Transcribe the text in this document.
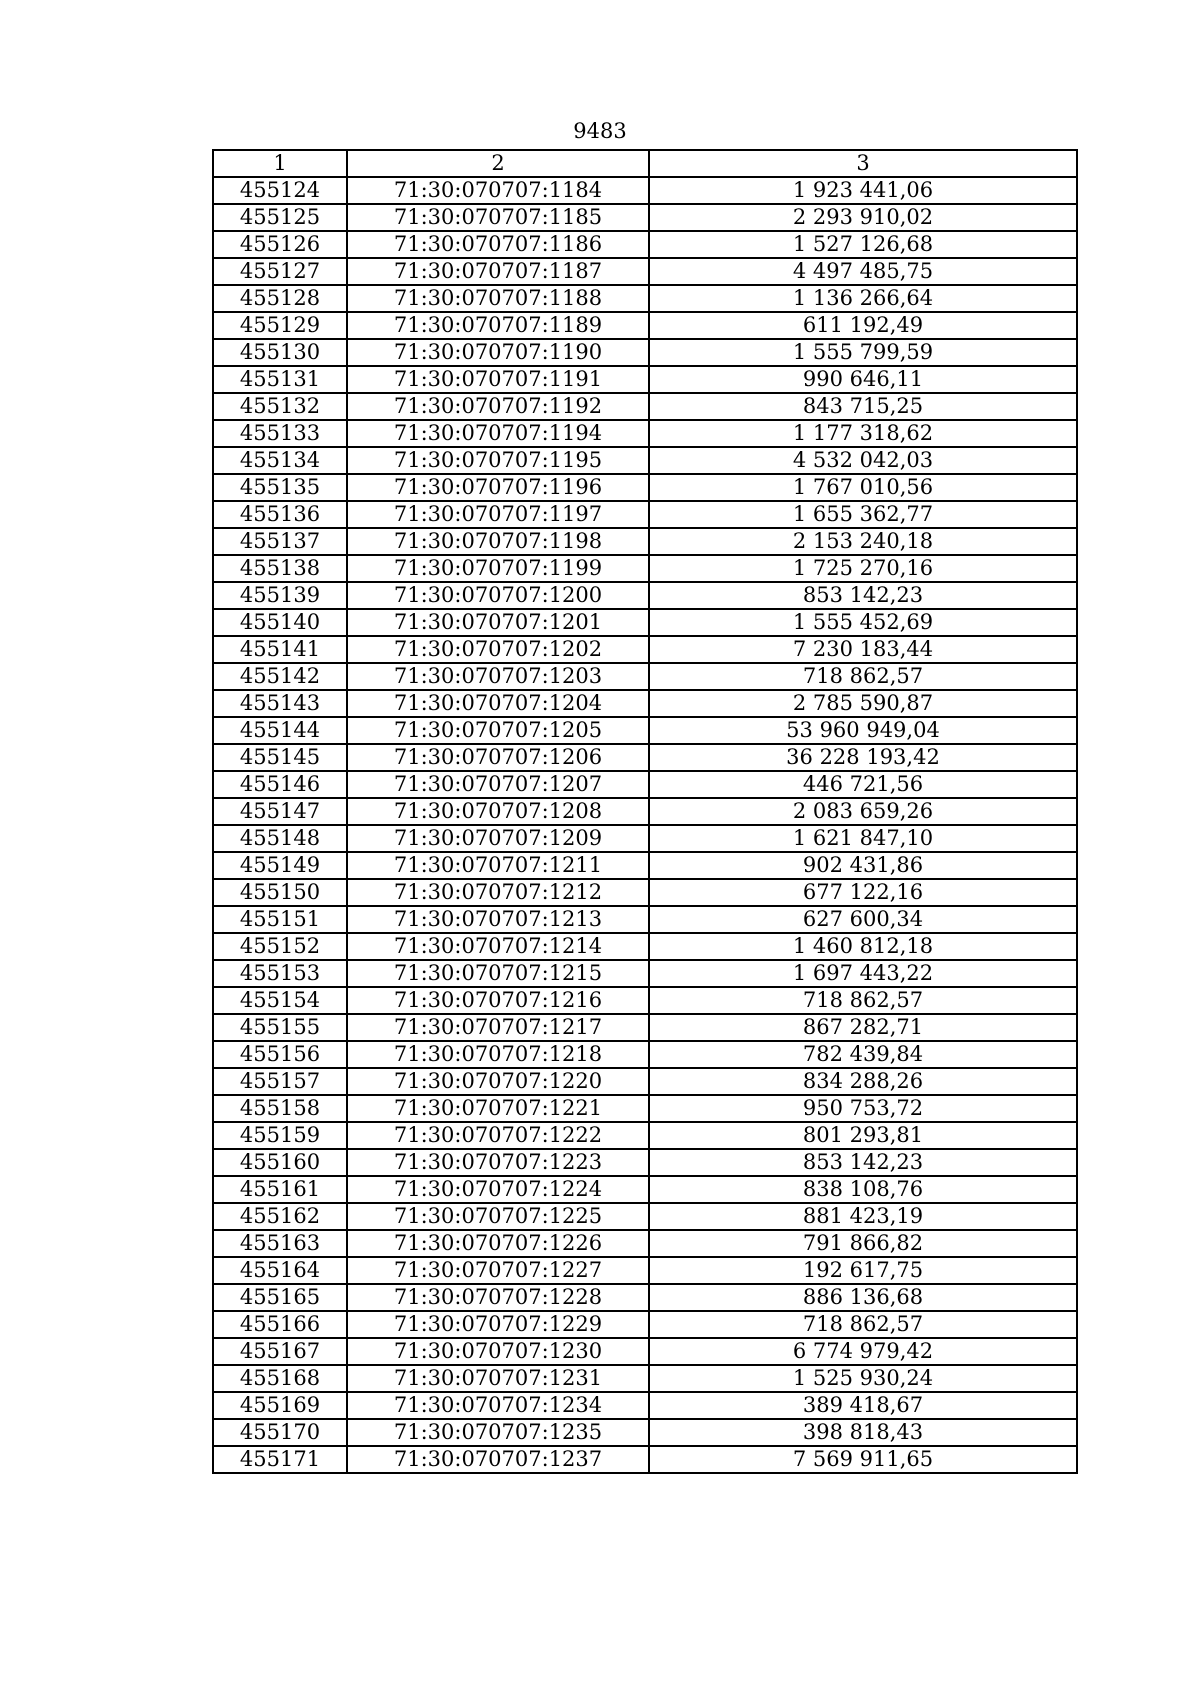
9483
1	2	3
455124	71:30:070707:1184	1 923 441,06
455125	71:30:070707:1185	2 293 910,02
455126	71:30:070707:1186	1 527 126,68
455127	71:30:070707:1187	4 497 485,75
455128	71:30:070707:1188	1 136 266,64
455129	71:30:070707:1189	611 192,49
455130	71:30:070707:1190	1 555 799,59
455131	71:30:070707:1191	990 646,11
455132	71:30:070707:1192	843 715,25
455133	71:30:070707:1194	1 177 318,62
455134	71:30:070707:1195	4 532 042,03
455135	71:30:070707:1196	1 767 010,56
455136	71:30:070707:1197	1 655 362,77
455137	71:30:070707:1198	2 153 240,18
455138	71:30:070707:1199	1 725 270,16
455139	71:30:070707:1200	853 142,23
455140	71:30:070707:1201	1 555 452,69
455141	71:30:070707:1202	7 230 183,44
455142	71:30:070707:1203	718 862,57
455143	71:30:070707:1204	2 785 590,87
455144	71:30:070707:1205	53 960 949,04
455145	71:30:070707:1206	36 228 193,42
455146	71:30:070707:1207	446 721,56
455147	71:30:070707:1208	2 083 659,26
455148	71:30:070707:1209	1 621 847,10
455149	71:30:070707:1211	902 431,86
455150	71:30:070707:1212	677 122,16
455151	71:30:070707:1213	627 600,34
455152	71:30:070707:1214	1 460 812,18
455153	71:30:070707:1215	1 697 443,22
455154	71:30:070707:1216	718 862,57
455155	71:30:070707:1217	867 282,71
455156	71:30:070707:1218	782 439,84
455157	71:30:070707:1220	834 288,26
455158	71:30:070707:1221	950 753,72
455159	71:30:070707:1222	801 293,81
455160	71:30:070707:1223	853 142,23
455161	71:30:070707:1224	838 108,76
455162	71:30:070707:1225	881 423,19
455163	71:30:070707:1226	791 866,82
455164	71:30:070707:1227	192 617,75
455165	71:30:070707:1228	886 136,68
455166	71:30:070707:1229	718 862,57
455167	71:30:070707:1230	6 774 979,42
455168	71:30:070707:1231	1 525 930,24
455169	71:30:070707:1234	389 418,67
455170	71:30:070707:1235	398 818,43
455171	71:30:070707:1237	7 569 911,65
